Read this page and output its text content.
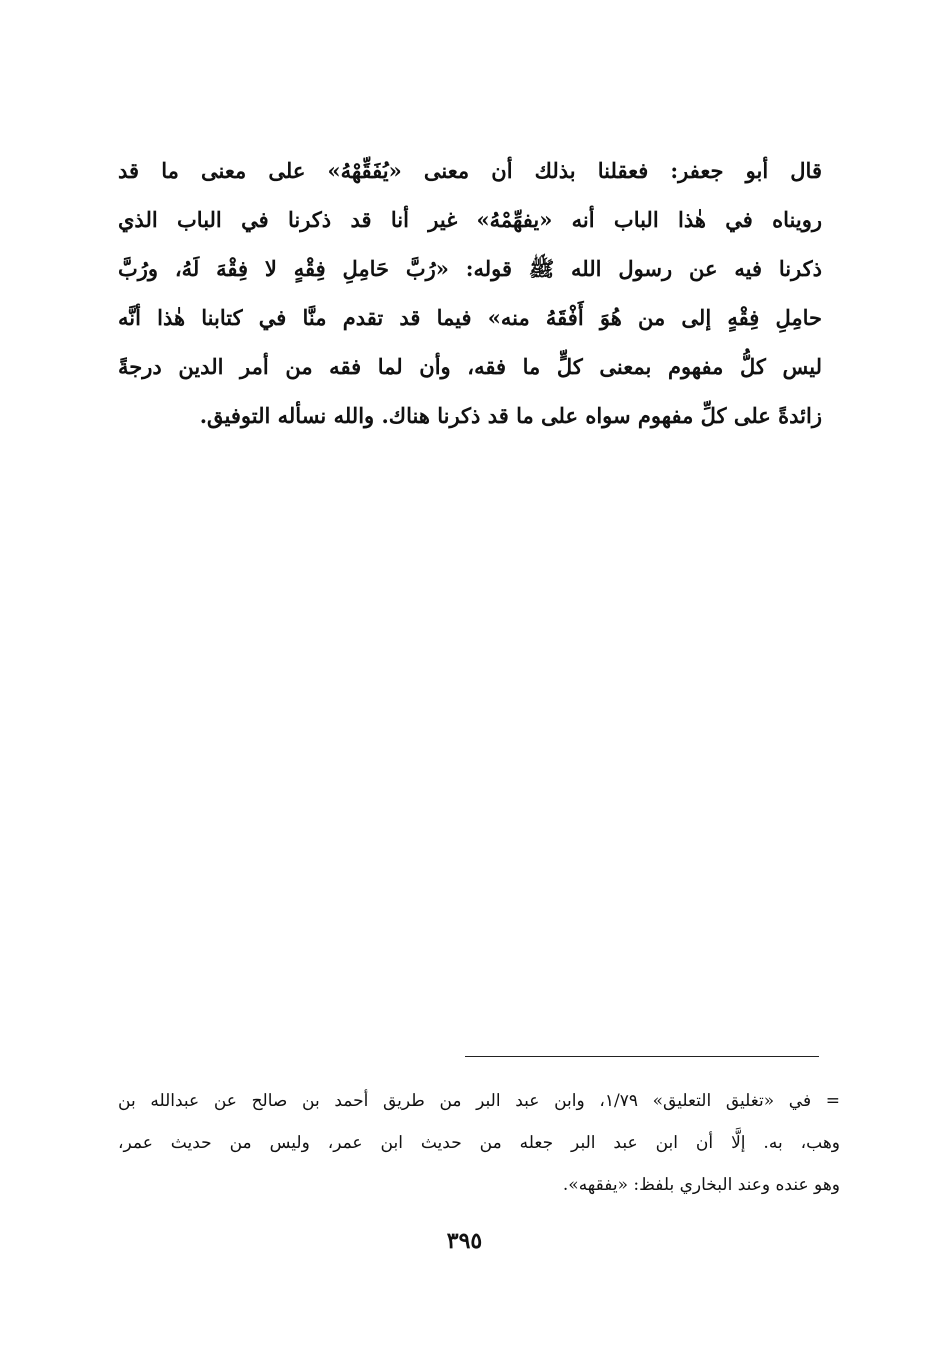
قال أبو جعفر: فعقلنا بذلك أن معنى «يُفَقِّهْهُ» على معنى ما قد
رويناه في هٰذا الباب أنه «يفهِّمْهُ» غير أنا قد ذكرنا في الباب الذي
ذكرنا فيه عن رسول الله ﷺ قوله: «رُبَّ حَامِلِ فِقْهٍ لا فِقْهَ لَهُ، ورُبَّ
حامِلِ فِقْهٍ إلى من هُوَ أَفْقَهُ منه» فيما قد تقدم منَّا في كتابنا هٰذا أنَّه
ليس كلُّ مفهوم بمعنى كلٍّ ما فقه، وأن لما فقه من أمر الدين درجةً
زائدةً على كلِّ مفهوم سواه على ما قد ذكرنا هناك. والله نسأله التوفيق.
= في «تغليق التعليق» ١/٧٩، وابن عبد البر من طريق أحمد بن صالح عن عبدالله بن
وهب، به. إلَّا أن ابن عبد البر جعله من حديث ابن عمر، وليس من حديث عمر،
وهو عنده وعند البخاري بلفظ: «يفقهه».
٣٩٥
